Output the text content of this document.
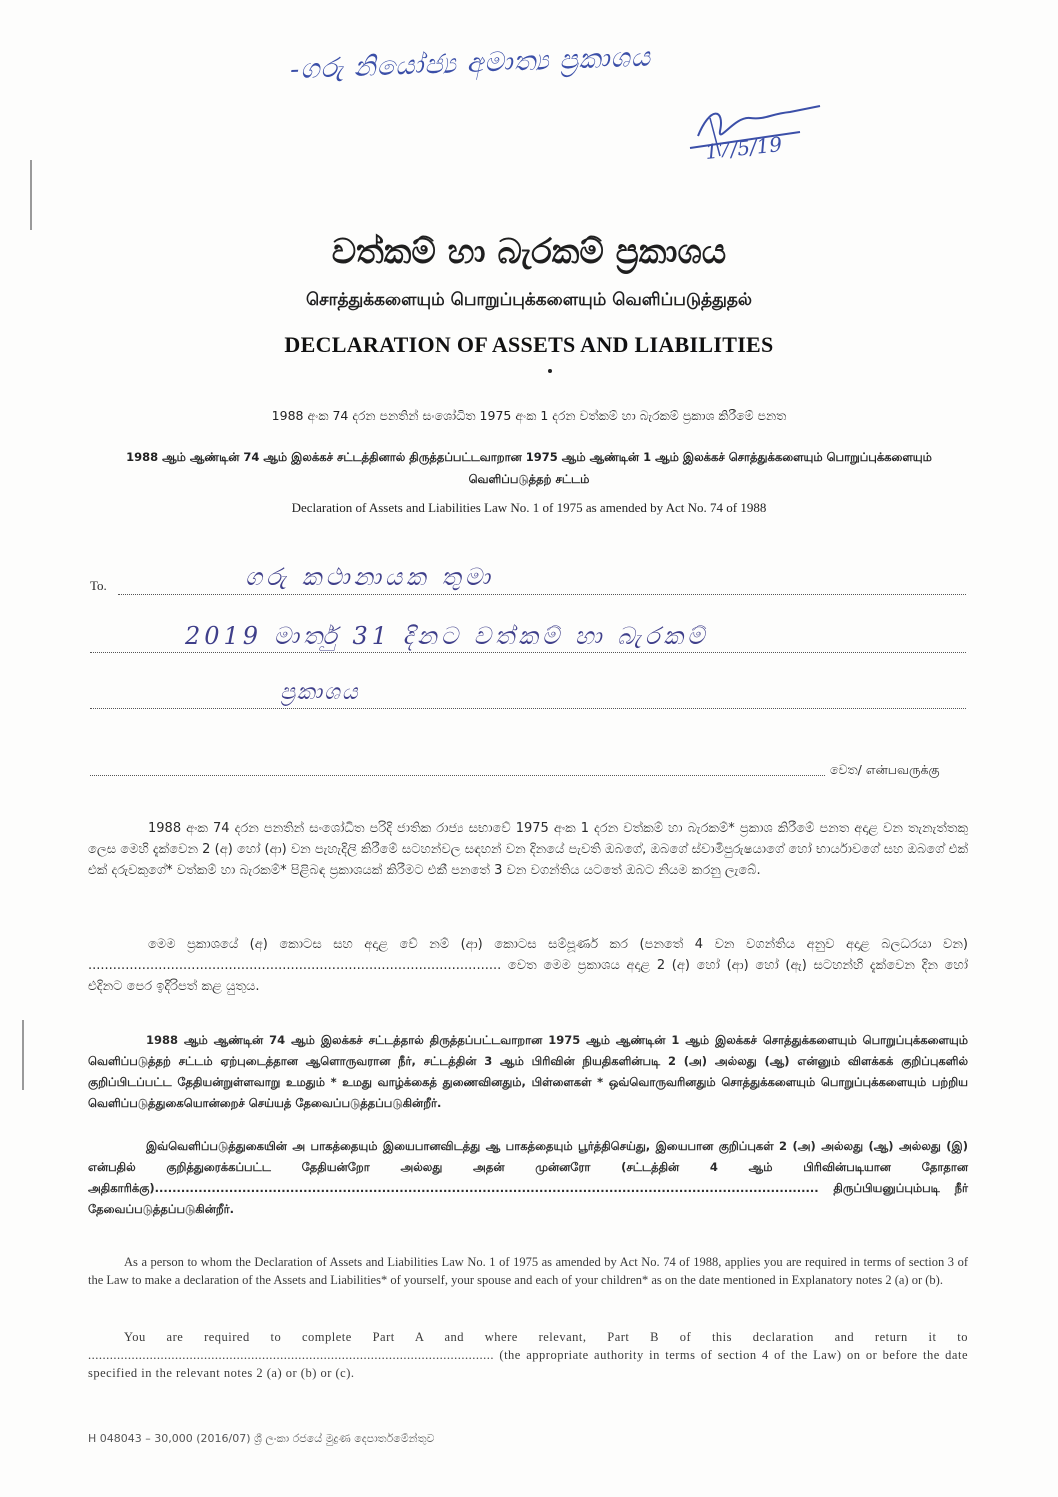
-ගරු නියෝජ්‍ය අමාත්‍ය ප්‍රකාශය
17/5/19
වත්කම් හා බැරකම් ප්‍රකාශය
சொத்துக்களையும் பொறுப்புக்களையும் வெளிப்படுத்துதல்
DECLARATION OF ASSETS AND LIABILITIES
1988 අංක 74 දරන පනතින් සංශෝධිත 1975 අංක 1 දරන වත්කම් හා බැරකම් ප්‍රකාශ කිරීමේ පනත
1988 ஆம் ஆண்டின் 74 ஆம் இலக்கச் சட்டத்தினால் திருத்தப்பட்டவாறான 1975 ஆம் ஆண்டின் 1 ஆம் இலக்கச் சொத்துக்களையும் பொறுப்புக்களையும் வெளிப்படுத்தற் சட்டம்
Declaration of Assets and Liabilities Law No. 1 of 1975 as amended by Act No. 74 of 1988
To.	ගරු කථානායක තුමා
2019 මාර්තු 31 දිනට වත්කම් හා බැරකම්
ප්‍රකාශය
වෙත/ என்பவருக்கு

1988 අංක 74 දරන පනතින් සංශෝධිත පරිදි ජාතික රාජ්‍ය සභාවේ 1975 අංක 1 දරන වත්කම් හා බැරකම්* ප්‍රකාශ කිරීමේ පනත අදාළ වන තැනැත්තකු ලෙස මෙහි දැක්වෙන 2 (අ) හෝ (ආ) වන පැහැදිලි කිරීමේ සටහන්වල සඳහන් වන දිනයේ පැවති ඔබගේ, ඔබගේ ස්වාමිපුරුෂයාගේ හෝ භාර්යාවගේ සහ ඔබගේ එක් එක් දරුවකුගේ* වත්කම් හා බැරකම්* පිළිබඳ ප්‍රකාශයක් කිරීමට එකී පනතේ 3 වන වගන්තිය යටතේ ඔබට නියම කරනු ලැබේ.

මෙම ප්‍රකාශයේ (අ) කොටස සහ අදාළ වේ නම් (ආ) කොටස සම්පූර්ණ කර (පනතේ 4 වන වගන්තිය අනුව අදාළ බලධරයා වන) .................................................................................................... වෙත මෙම ප්‍රකාශය අදාළ 2 (අ) හෝ (ආ) හෝ (ඇ) සටහන්හි දැක්වෙන දින හෝ එදිනට පෙර ඉදිරිපත් කළ යුතුය.

1988 ஆம் ஆண்டின் 74 ஆம் இலக்கச் சட்டத்தால் திருத்தப்பட்டவாறான 1975 ஆம் ஆண்டின் 1 ஆம் இலக்கச் சொத்துக்களையும் பொறுப்புக்களையும் வெளிப்படுத்தற் சட்டம் ஏற்புடைத்தான ஆளொருவரான நீர், சட்டத்தின் 3 ஆம் பிரிவின் நியதிகளின்படி 2 (அ) அல்லது (ஆ) என்னும் விளக்கக் குறிப்புகளில் குறிப்பிடப்பட்ட தேதியன்றுள்ளவாறு உமதும் * உமது வாழ்க்கைத் துணைவினதும், பிள்ளைகள் * ஒவ்வொருவரினதும் சொத்துக்களையும் பொறுப்புக்களையும் பற்றிய வெளிப்படுத்துகையொன்றைச் செய்யத் தேவைப்படுத்தப்படுகின்றீர்.

இவ்வெளிப்படுத்துகையின் அ பாகத்தையும் இயைபானவிடத்து ஆ பாகத்தையும் பூர்த்திசெய்து, இயைபான குறிப்புகள் 2 (அ) அல்லது (ஆ) அல்லது (இ) என்பதில் குறித்துரைக்கப்பட்ட தேதியன்றோ அல்லது அதன் முன்னரோ (சட்டத்தின் 4 ஆம் பிரிவின்படியான தோதான அதிகாரிக்கு)........................................................................................................................................................ திருப்பியனுப்பும்படி நீர் தேவைப்படுத்தப்படுகின்றீர்.

As a person to whom the Declaration of Assets and Liabilities Law No. 1 of 1975 as amended by Act No. 74 of 1988, applies you are required in terms of section 3 of the Law to make a declaration of the Assets and Liabilities* of yourself, your spouse and each of your children* as on the date mentioned in Explanatory notes 2 (a) or (b).

You are required to complete Part A and where relevant, Part B of this declaration and return it to ................................................................................................................ (the appropriate authority in terms of section 4 of the Law) on or before the date specified in the relevant notes 2 (a) or (b) or (c).

H 048043 – 30,000 (2016/07) ශ්‍රී ලංකා රජයේ මුද්‍රණ දෙපාර්තමේන්තුව
